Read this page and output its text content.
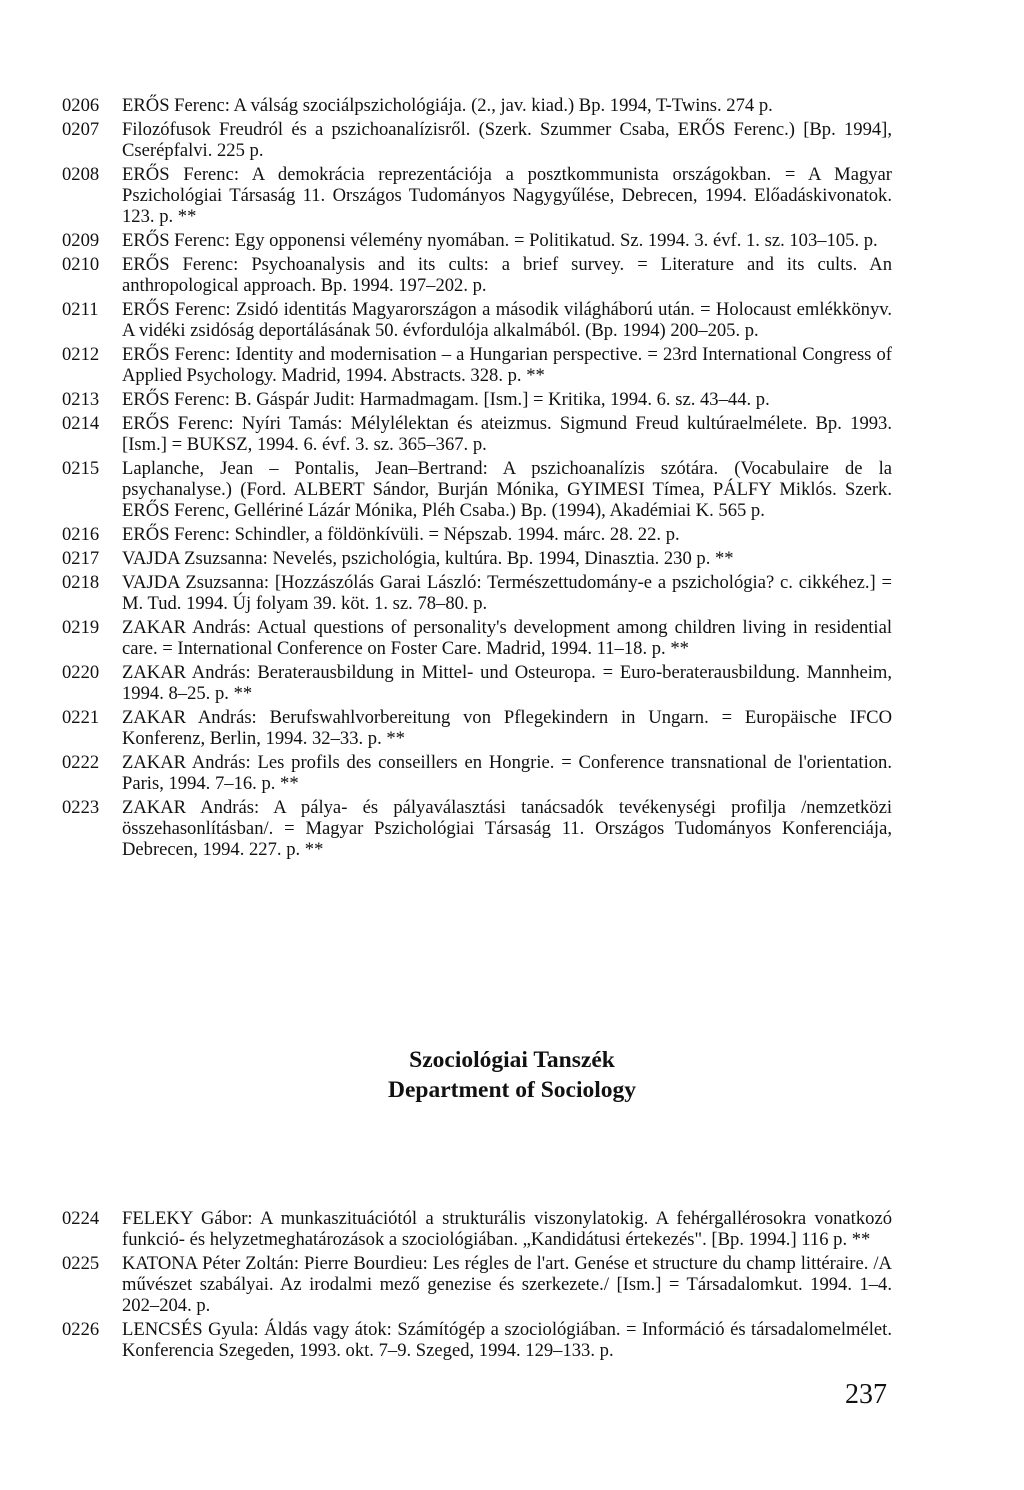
0206	ERŐS Ferenc: A válság szociálpszichológiája. (2., jav. kiad.) Bp. 1994, T-Twins. 274 p.
0207	Filozófusok Freudról és a pszichoanalízisről. (Szerk. Szummer Csaba, ERŐS Ferenc.) [Bp. 1994], Cserépfalvi. 225 p.
0208	ERŐS Ferenc: A demokrácia reprezentációja a posztkommunista országokban. = A Magyar Pszichológiai Társaság 11. Országos Tudományos Nagygyűlése, Debrecen, 1994. Előadáskivonatok. 123. p. **
0209	ERŐS Ferenc: Egy opponensi vélemény nyomában. = Politikatud. Sz. 1994. 3. évf. 1. sz. 103–105. p.
0210	ERŐS Ferenc: Psychoanalysis and its cults: a brief survey. = Literature and its cults. An anthropological approach. Bp. 1994. 197–202. p.
0211	ERŐS Ferenc: Zsidó identitás Magyarországon a második világháború után. = Holocaust emlékkönyv. A vidéki zsidóság deportálásának 50. évfordulója alkalmából. (Bp. 1994) 200–205. p.
0212	ERŐS Ferenc: Identity and modernisation – a Hungarian perspective. = 23rd International Congress of Applied Psychology. Madrid, 1994. Abstracts. 328. p. **
0213	ERŐS Ferenc: B. Gáspár Judit: Harmadmagam. [Ism.] = Kritika, 1994. 6. sz. 43–44. p.
0214	ERŐS Ferenc: Nyíri Tamás: Mélylélektan és ateizmus. Sigmund Freud kultúraelmélete. Bp. 1993. [Ism.] = BUKSZ, 1994. 6. évf. 3. sz. 365–367. p.
0215	Laplanche, Jean – Pontalis, Jean–Bertrand: A pszichoanalízis szótára. (Vocabulaire de la psychanalyse.) (Ford. ALBERT Sándor, Burján Mónika, GYIMESI Tímea, PÁLFY Miklós. Szerk. ERŐS Ferenc, Gellériné Lázár Mónika, Pléh Csaba.) Bp. (1994), Akadémiai K. 565 p.
0216	ERŐS Ferenc: Schindler, a földönkívüli. = Népszab. 1994. márc. 28. 22. p.
0217	VAJDA Zsuzsanna: Nevelés, pszichológia, kultúra. Bp. 1994, Dinasztia. 230 p. **
0218	VAJDA Zsuzsanna: [Hozzászólás Garai László: Természettudomány-e a pszichológia? c. cikkéhez.] = M. Tud. 1994. Új folyam 39. köt. 1. sz. 78–80. p.
0219	ZAKAR András: Actual questions of personality's development among children living in residential care. = International Conference on Foster Care. Madrid, 1994. 11–18. p. **
0220	ZAKAR András: Beraterausbildung in Mittel- und Osteuropa. = Euro-beraterausbildung. Mannheim, 1994. 8–25. p. **
0221	ZAKAR András: Berufswahlvorbereitung von Pflegekindern in Ungarn. = Europäische IFCO Konferenz, Berlin, 1994. 32–33. p. **
0222	ZAKAR András: Les profils des conseillers en Hongrie. = Conference transnational de l'orientation. Paris, 1994. 7–16. p. **
0223	ZAKAR András: A pálya- és pályaválasztási tanácsadók tevékenységi profilja /nemzetközi összehasonlításban/. = Magyar Pszichológiai Társaság 11. Országos Tudományos Konferenciája, Debrecen, 1994. 227. p. **
Szociológiai Tanszék
Department of Sociology
0224	FELEKY Gábor: A munkaszituációtól a strukturális viszonylatokig. A fehérgallérosokra vonatkozó funkció- és helyzetmeghatározások a szociológiában. „Kandidátusi értekezés". [Bp. 1994.] 116 p. **
0225	KATONA Péter Zoltán: Pierre Bourdieu: Les régles de l'art. Genése et structure du champ littéraire. /A művészet szabályai. Az irodalmi mező genezise és szerkezete./ [Ism.] = Társadalomkut. 1994. 1–4. 202–204. p.
0226	LENCSÉS Gyula: Áldás vagy átok: Számítógép a szociológiában. = Információ és társadalomelmélet. Konferencia Szegeden, 1993. okt. 7–9. Szeged, 1994. 129–133. p.
237
